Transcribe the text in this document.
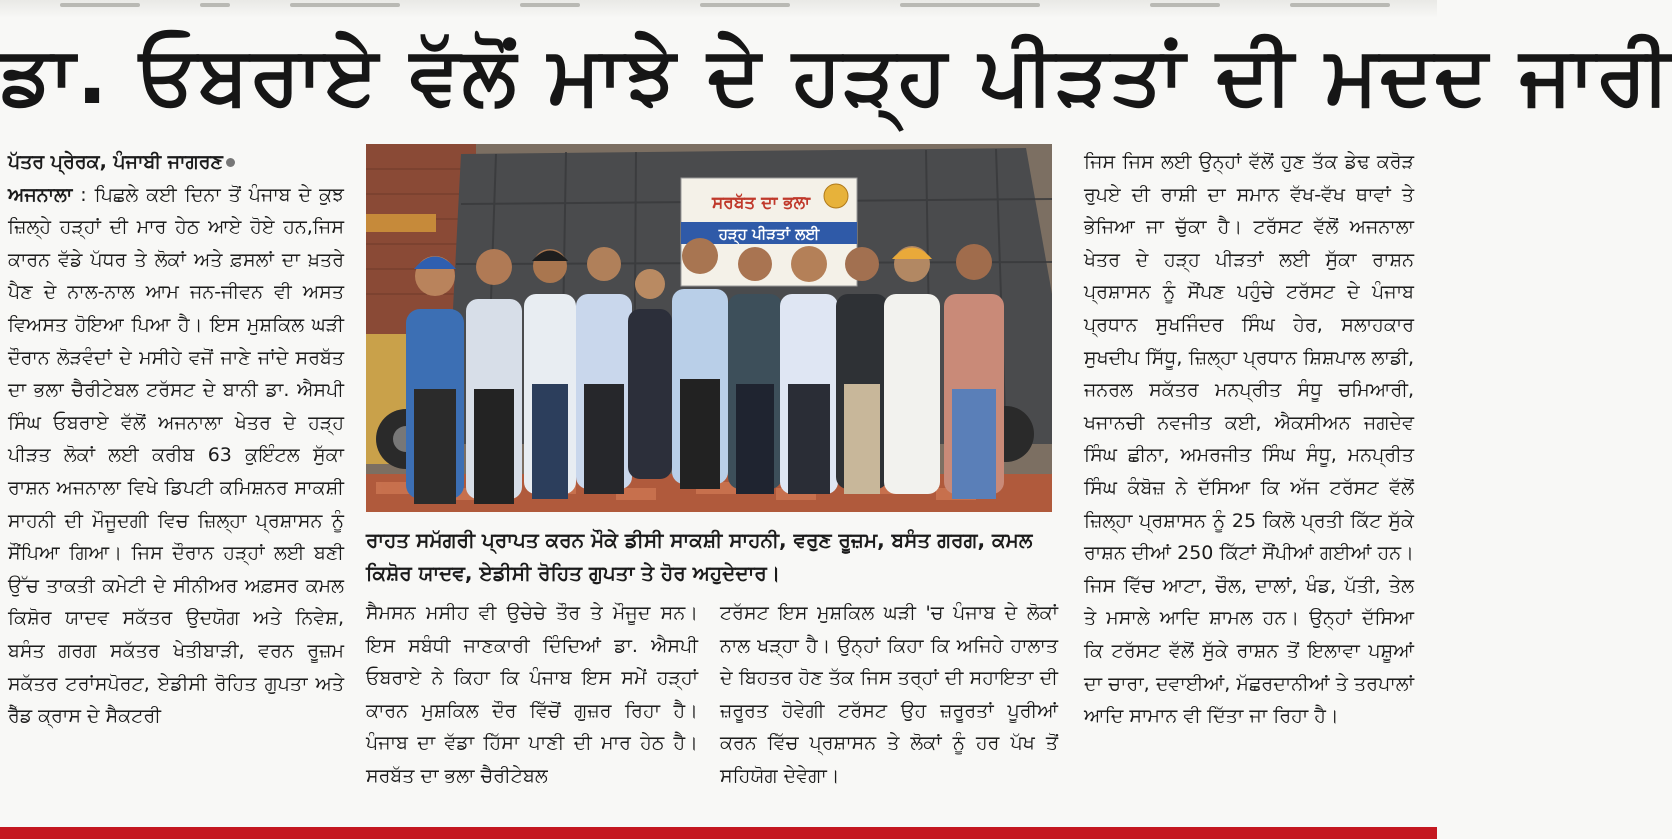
ਡਾ. ਓਬਰਾਏ ਵੱਲੋਂ ਮਾਝੇ ਦੇ ਹੜ੍ਹ ਪੀੜਤਾਂ ਦੀ ਮਦਦ ਜਾਰੀ
ਪੱਤਰ ਪ੍ਰੇਰਕ, ਪੰਜਾਬੀ ਜਾਗਰਣ
ਅਜਨਾਲਾ : ਪਿਛਲੇ ਕਈ ਦਿਨਾ ਤੋਂ ਪੰਜਾਬ ਦੇ ਕੁਝ ਜ਼ਿਲ੍ਹੇ ਹੜ੍ਹਾਂ ਦੀ ਮਾਰ ਹੇਠ ਆਏ ਹੋਏ ਹਨ,ਜਿਸ ਕਾਰਨ ਵੱਡੇ ਪੱਧਰ ਤੇ ਲੋਕਾਂ ਅਤੇ ਫ਼ਸਲਾਂ ਦਾ ਖ਼ਤਰੇ ਪੈਣ ਦੇ ਨਾਲ-ਨਾਲ ਆਮ ਜਨ-ਜੀਵਨ ਵੀ ਅਸਤ ਵਿਅਸਤ ਹੋਇਆ ਪਿਆ ਹੈ। ਇਸ ਮੁਸ਼ਕਿਲ ਘੜੀ ਦੌਰਾਨ ਲੋੜਵੰਦਾਂ ਦੇ ਮਸੀਹੇ ਵਜੋਂ ਜਾਣੇ ਜਾਂਦੇ ਸਰਬੱਤ ਦਾ ਭਲਾ ਚੈਰੀਟੇਬਲ ਟਰੱਸਟ ਦੇ ਬਾਨੀ ਡਾ. ਐਸਪੀ ਸਿੰਘ ਓਬਰਾਏ ਵੱਲੋਂ ਅਜਨਾਲਾ ਖੇਤਰ ਦੇ ਹੜ੍ਹ ਪੀੜਤ ਲੋਕਾਂ ਲਈ ਕਰੀਬ 63 ਕੁਇੰਟਲ ਸੁੱਕਾ ਰਾਸ਼ਨ ਅਜਨਾਲਾ ਵਿਖੇ ਡਿਪਟੀ ਕਮਿਸ਼ਨਰ ਸਾਕਸ਼ੀ ਸਾਹਨੀ ਦੀ ਮੌਜੂਦਗੀ ਵਿਚ ਜ਼ਿਲ੍ਹਾ ਪ੍ਰਸ਼ਾਸਨ ਨੂੰ ਸੌਂਪਿਆ ਗਿਆ। ਜਿਸ ਦੌਰਾਨ ਹੜ੍ਹਾਂ ਲਈ ਬਣੀ ਉੱਚ ਤਾਕਤੀ ਕਮੇਟੀ ਦੇ ਸੀਨੀਅਰ ਅਫ਼ਸਰ ਕਮਲ ਕਿਸ਼ੋਰ ਯਾਦਵ ਸਕੱਤਰ ਉਦਯੋਗ ਅਤੇ ਨਿਵੇਸ਼, ਬਸੰਤ ਗਰਗ ਸਕੱਤਰ ਖੇਤੀਬਾੜੀ, ਵਰਨ ਰੂਜ਼ਮ ਸਕੱਤਰ ਟਰਾਂਸਪੋਰਟ, ਏਡੀਸੀ ਰੋਹਿਤ ਗੁਪਤਾ ਅਤੇ ਰੈੱਡ ਕ੍ਰਾਸ ਦੇ ਸੈਕਟਰੀ
ਸਰਬੱਤ ਦਾ ਭਲਾ
ਹੜ੍ਹ ਪੀੜਤਾਂ ਲਈ
ਰਾਹਤ ਸਮੱਗਰੀ ਪ੍ਰਾਪਤ ਕਰਨ ਮੌਕੇ ਡੀਸੀ ਸਾਕਸ਼ੀ ਸਾਹਨੀ, ਵਰੁਣ ਰੂਜ਼ਮ, ਬਸੰਤ ਗਰਗ, ਕਮਲ ਕਿਸ਼ੋਰ ਯਾਦਵ, ਏਡੀਸੀ ਰੋਹਿਤ ਗੁਪਤਾ ਤੇ ਹੋਰ ਅਹੁਦੇਦਾਰ।
ਸੈਮਸਨ ਮਸੀਹ ਵੀ ਉਚੇਚੇ ਤੌਰ ਤੇ ਮੌਜੂਦ ਸਨ। ਇਸ ਸਬੰਧੀ ਜਾਣਕਾਰੀ ਦਿੰਦਿਆਂ ਡਾ. ਐਸਪੀ ਓਬਰਾਏ ਨੇ ਕਿਹਾ ਕਿ ਪੰਜਾਬ ਇਸ ਸਮੇਂ ਹੜ੍ਹਾਂ ਕਾਰਨ ਮੁਸ਼ਕਿਲ ਦੌਰ ਵਿੱਚੋਂ ਗੁਜ਼ਰ ਰਿਹਾ ਹੈ। ਪੰਜਾਬ ਦਾ ਵੱਡਾ ਹਿੱਸਾ ਪਾਣੀ ਦੀ ਮਾਰ ਹੇਠ ਹੈ। ਸਰਬੱਤ ਦਾ ਭਲਾ ਚੈਰੀਟੇਬਲ
ਟਰੱਸਟ ਇਸ ਮੁਸ਼ਕਿਲ ਘੜੀ 'ਚ ਪੰਜਾਬ ਦੇ ਲੋਕਾਂ ਨਾਲ ਖੜ੍ਹਾ ਹੈ। ਉਨ੍ਹਾਂ ਕਿਹਾ ਕਿ ਅਜਿਹੇ ਹਾਲਾਤ ਦੇ ਬਿਹਤਰ ਹੋਣ ਤੱਕ ਜਿਸ ਤਰ੍ਹਾਂ ਦੀ ਸਹਾਇਤਾ ਦੀ ਜ਼ਰੂਰਤ ਹੋਵੇਗੀ ਟਰੱਸਟ ਉਹ ਜ਼ਰੂਰਤਾਂ ਪੂਰੀਆਂ ਕਰਨ ਵਿੱਚ ਪ੍ਰਸ਼ਾਸਨ ਤੇ ਲੋਕਾਂ ਨੂੰ ਹਰ ਪੱਖ ਤੋਂ ਸਹਿਯੋਗ ਦੇਵੇਗਾ।
ਜਿਸ ਜਿਸ ਲਈ ਉਨ੍ਹਾਂ ਵੱਲੋਂ ਹੁਣ ਤੱਕ ਡੇਢ ਕਰੋੜ ਰੁਪਏ ਦੀ ਰਾਸ਼ੀ ਦਾ ਸਮਾਨ ਵੱਖ-ਵੱਖ ਥਾਵਾਂ ਤੇ ਭੇਜਿਆ ਜਾ ਚੁੱਕਾ ਹੈ। ਟਰੱਸਟ ਵੱਲੋਂ ਅਜਨਾਲਾ ਖੇਤਰ ਦੇ ਹੜ੍ਹ ਪੀੜਤਾਂ ਲਈ ਸੁੱਕਾ ਰਾਸ਼ਨ ਪ੍ਰਸ਼ਾਸਨ ਨੂੰ ਸੌਂਪਣ ਪਹੁੰਚੇ ਟਰੱਸਟ ਦੇ ਪੰਜਾਬ ਪ੍ਰਧਾਨ ਸੁਖਜਿੰਦਰ ਸਿੰਘ ਹੇਰ, ਸਲਾਹਕਾਰ ਸੁਖਦੀਪ ਸਿੱਧੂ, ਜ਼ਿਲ੍ਹਾ ਪ੍ਰਧਾਨ ਸ਼ਿਸ਼ਪਾਲ ਲਾਡੀ, ਜਨਰਲ ਸਕੱਤਰ ਮਨਪ੍ਰੀਤ ਸੰਧੂ ਚਮਿਆਰੀ, ਖਜਾਨਚੀ ਨਵਜੀਤ ਕਈ, ਐਕਸੀਅਨ ਜਗਦੇਵ ਸਿੰਘ ਛੀਨਾ, ਅਮਰਜੀਤ ਸਿੰਘ ਸੰਧੂ, ਮਨਪ੍ਰੀਤ ਸਿੰਘ ਕੰਬੋਜ਼ ਨੇ ਦੱਸਿਆ ਕਿ ਅੱਜ ਟਰੱਸਟ ਵੱਲੋਂ ਜ਼ਿਲ੍ਹਾ ਪ੍ਰਸ਼ਾਸਨ ਨੂੰ 25 ਕਿਲੋ ਪ੍ਰਤੀ ਕਿੱਟ ਸੁੱਕੇ ਰਾਸ਼ਨ ਦੀਆਂ 250 ਕਿੱਟਾਂ ਸੌਂਪੀਆਂ ਗਈਆਂ ਹਨ। ਜਿਸ ਵਿੱਚ ਆਟਾ, ਚੌਲ, ਦਾਲਾਂ, ਖੰਡ, ਪੱਤੀ, ਤੇਲ ਤੇ ਮਸਾਲੇ ਆਦਿ ਸ਼ਾਮਲ ਹਨ। ਉਨ੍ਹਾਂ ਦੱਸਿਆ ਕਿ ਟਰੱਸਟ ਵੱਲੋਂ ਸੁੱਕੇ ਰਾਸ਼ਨ ਤੋਂ ਇਲਾਵਾ ਪਸ਼ੂਆਂ ਦਾ ਚਾਰਾ, ਦਵਾਈਆਂ, ਮੱਛਰਦਾਨੀਆਂ ਤੇ ਤਰਪਾਲਾਂ ਆਦਿ ਸਾਮਾਨ ਵੀ ਦਿੱਤਾ ਜਾ ਰਿਹਾ ਹੈ।
